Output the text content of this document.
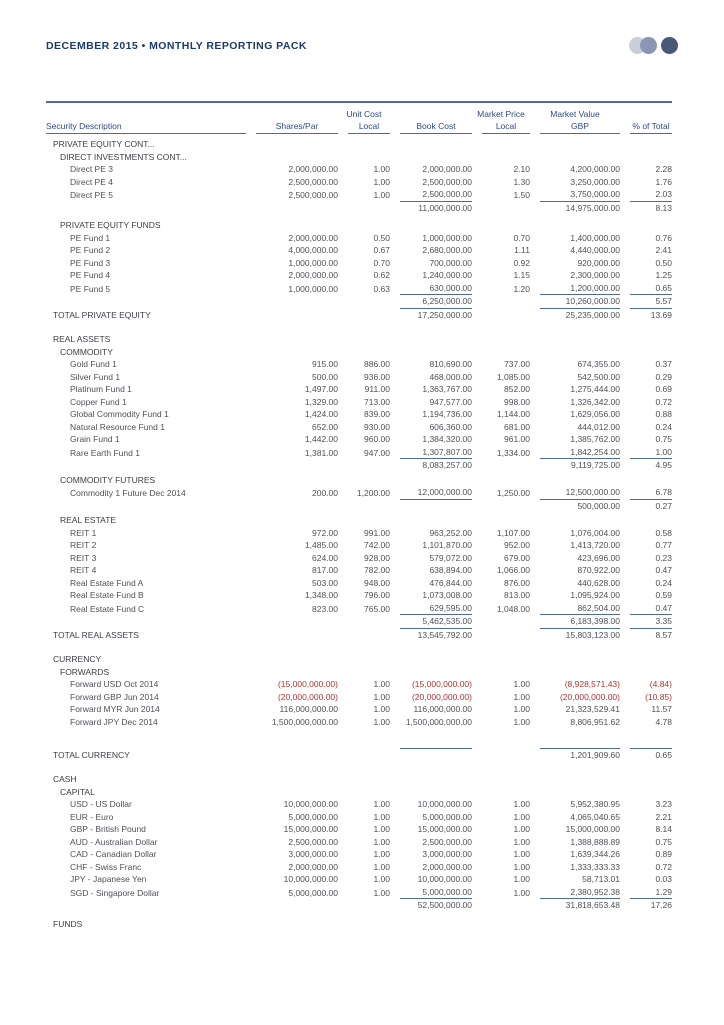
DECEMBER 2015 • MONTHLY REPORTING PACK
		Unit Cost		Market Price	Market Value	

Security Description	Shares/Par	Local	Book Cost	Local	GBP	% of Total

PRIVATE EQUITY CONT...	

DIRECT INVESTMENTS CONT...	

Direct PE 3	2,000,000.00	1.00	2,000,000.00	2.10	4,200,000.00	2.28

Direct PE 4	2,500,000.00	1.00	2,500,000.00	1.30	3,250,000.00	1.76

Direct PE 5	2,500,000.00	1.00	2,500,000.00	1.50	3,750,000.00	2.03

			11,000,000.00		14,975,000.00	8.13

PRIVATE EQUITY FUNDS	

PE Fund 1	2,000,000.00	0.50	1,000,000.00	0.70	1,400,000.00	0.76

PE Fund 2	4,000,000.00	0.67	2,680,000.00	1.11	4,440,000.00	2.41

PE Fund 3	1,000,000.00	0.70	700,000.00	0.92	920,000.00	0.50

PE Fund 4	2,000,000.00	0.62	1,240,000.00	1.15	2,300,000.00	1.25

PE Fund 5	1,000,000.00	0.63	630,000.00	1.20	1,200,000.00	0.65

			6,250,000.00		10,260,000.00	5.57

TOTAL PRIVATE EQUITY			17,250,000.00		25,235,000.00	13.69

REAL ASSETS	

COMMODITY	

Gold Fund 1	915.00	886.00	810,690.00	737.00	674,355.00	0.37

Silver Fund 1	500.00	936.00	468,000.00	1,085.00	542,500.00	0.29

Platinum Fund 1	1,497.00	911.00	1,363,767.00	852.00	1,275,444.00	0.69

Copper Fund 1	1,329.00	713.00	947,577.00	998.00	1,326,342.00	0.72

Global Commodity Fund 1	1,424.00	839.00	1,194,736.00	1,144.00	1,629,056.00	0.88

Natural Resource Fund 1	652.00	930.00	606,360.00	681.00	444,012.00	0.24

Grain Fund 1	1,442.00	960.00	1,384,320.00	961.00	1,385,762.00	0.75

Rare Earth Fund 1	1,381.00	947.00	1,307,807.00	1,334.00	1,842,254.00	1.00

			8,083,257.00		9,119,725.00	4.95

COMMODITY FUTURES	

Commodity 1 Future Dec 2014	200.00	1,200.00	12,000,000.00	1,250.00	12,500,000.00	6.78

					500,000.00	0.27

REAL ESTATE	

REIT 1	972.00	991.00	963,252.00	1,107.00	1,076,004.00	0.58

REIT 2	1,485.00	742.00	1,101,870.00	952.00	1,413,720.00	0.77

REIT 3	624.00	928.00	579,072.00	679.00	423,696.00	0.23

REIT 4	817.00	782.00	638,894.00	1,066.00	870,922.00	0.47

Real Estate Fund A	503.00	948.00	476,844.00	876.00	440,628.00	0.24

Real Estate Fund B	1,348.00	796.00	1,073,008.00	813.00	1,095,924.00	0.59

Real Estate Fund C	823.00	765.00	629,595.00	1,048.00	862,504.00	0.47

			5,462,535.00		6,183,398.00	3.35

TOTAL REAL ASSETS			13,545,792.00		15,803,123.00	8.57

CURRENCY	

FORWARDS	

Forward USD Oct 2014	(15,000,000.00)	1.00	(15,000,000.00)	1.00	(8,928,571.43)	(4.84)

Forward GBP Jun 2014	(20,000,000.00)	1.00	(20,000,000.00)	1.00	(20,000,000.00)	(10.85)

Forward MYR Jun 2014	116,000,000.00	1.00	116,000,000.00	1.00	21,323,529.41	11.57

Forward JPY Dec 2014	1,500,000,000.00	1.00	1,500,000,000.00	1.00	8,806,951.62	4.78

TOTAL CURRENCY					1,201,909.60	0.65

CASH	

CAPITAL	

USD - US Dollar	10,000,000.00	1.00	10,000,000.00	1.00	5,952,380.95	3.23

EUR - Euro	5,000,000.00	1.00	5,000,000.00	1.00	4,065,040.65	2.21

GBP - British Pound	15,000,000.00	1.00	15,000,000.00	1.00	15,000,000.00	8.14

AUD - Australian Dollar	2,500,000.00	1.00	2,500,000.00	1.00	1,388,888.89	0.75

CAD - Canadian Dollar	3,000,000.00	1.00	3,000,000.00	1.00	1,639,344.26	0.89

CHF - Swiss Franc	2,000,000.00	1.00	2,000,000.00	1.00	1,333,333.33	0.72

JPY - Japanese Yen	10,000,000.00	1.00	10,000,000.00	1.00	58,713.01	0.03

SGD - Singapore Dollar	5,000,000.00	1.00	5,000,000.00	1.00	2,380,952.38	1.29

			52,500,000.00		31,818,653.48	17.26

FUNDS	
